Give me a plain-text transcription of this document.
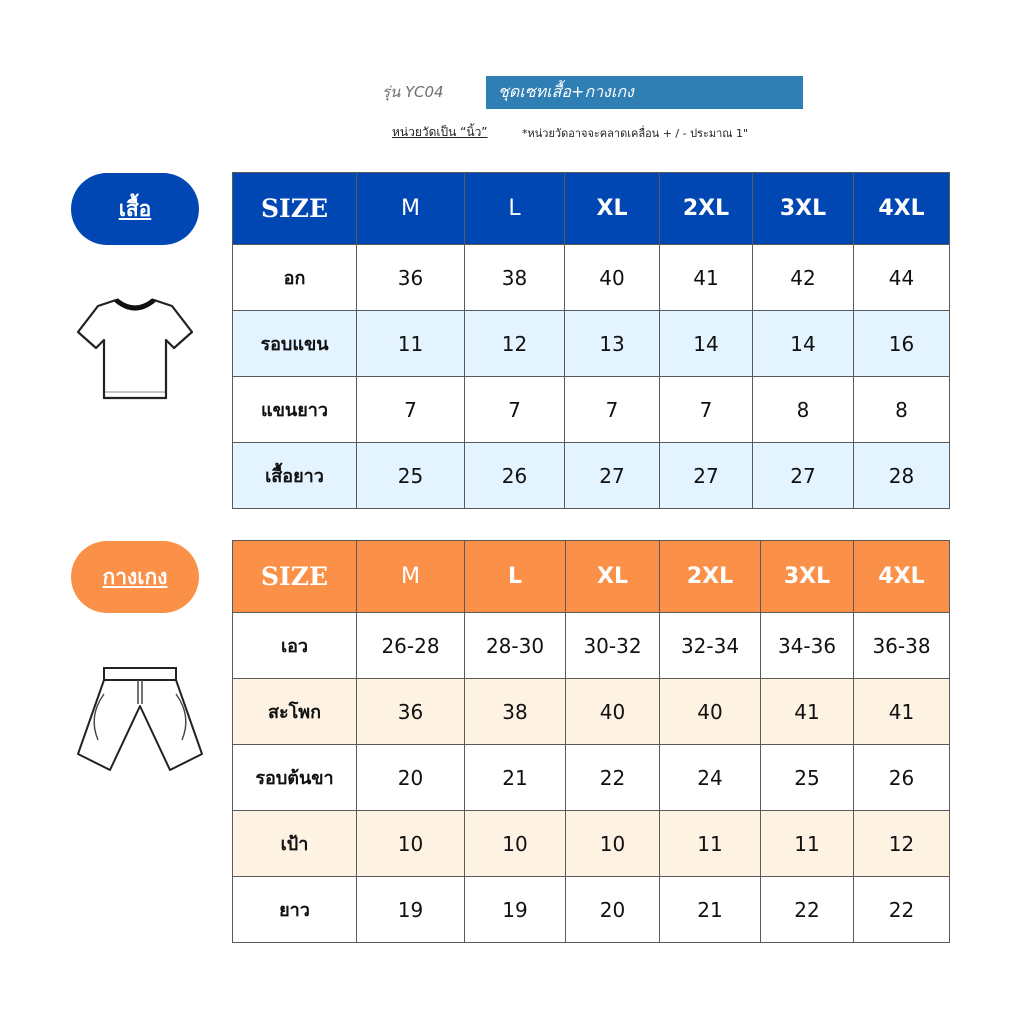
รุ่น YC04	ชุดเซทเสื้อ+กางเกง
หน่วยวัดเป็น “นิ้ว”	*หน่วยวัดอาจจะคลาดเคลื่อน + / - ประมาณ 1"
เสื้อ	SIZE	M	L	XL	2XL	3XL	4XL
อก	36	38	40	41	42	44
รอบแขน	11	12	13	14	14	16
แขนยาว	7	7	7	7	8	8
เสื้อยาว	25	26	27	27	27	28
กางเกง	SIZE	M	L	XL	2XL	3XL	4XL
เอว	26-28	28-30	30-32	32-34	34-36	36-38
สะโพก	36	38	40	40	41	41
รอบต้นขา	20	21	22	24	25	26
เป้า	10	10	10	11	11	12
ยาว	19	19	20	21	22	22
